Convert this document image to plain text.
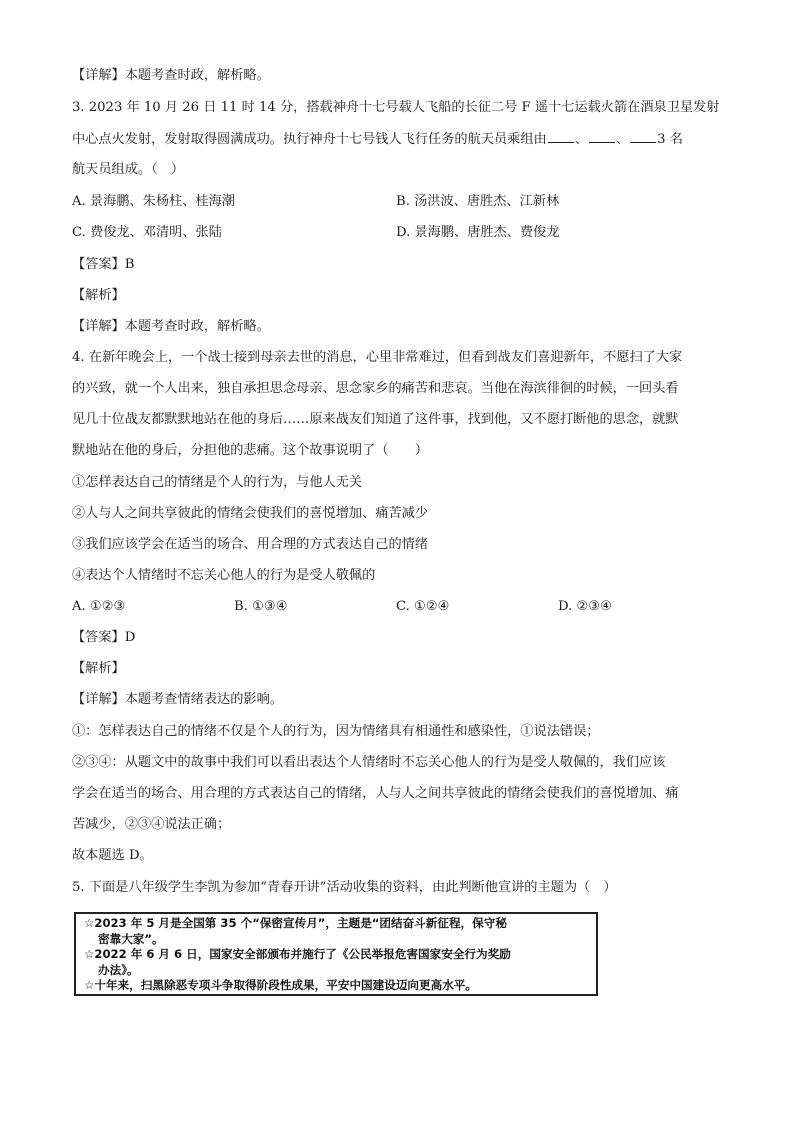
【详解】本题考查时政，解析略。
3. 2023 年 10 月 26 日 11 时 14 分，搭载神舟十七号载人飞船的长征二号 F 遥十七运载火箭在酒泉卫星发射
中心点火发射，发射取得圆满成功。执行神舟十七号钱人飞行任务的航天员乘组由 、 、 3 名
航天员组成。（　）
A. 景海鹏、朱杨柱、桂海潮	B. 汤洪波、唐胜杰、江新林
C. 费俊龙、邓清明、张陆	D. 景海鹏、唐胜杰、费俊龙
【答案】B
【解析】
【详解】本题考查时政，解析略。
4. 在新年晚会上，一个战士接到母亲去世的消息，心里非常难过，但看到战友们喜迎新年，不愿扫了大家
的兴致，就一个人出来，独自承担思念母亲、思念家乡的痛苦和悲哀。当他在海滨徘徊的时候，一回头看
见几十位战友都默默地站在他的身后……原来战友们知道了这件事，找到他，又不愿打断他的思念，就默
默地站在他的身后，分担他的悲痛。这个故事说明了（　　）
①怎样表达自己的情绪是个人的行为，与他人无关
②人与人之间共享彼此的情绪会使我们的喜悦增加、痛苦减少
③我们应该学会在适当的场合、用合理的方式表达自己的情绪
④表达个人情绪时不忘关心他人的行为是受人敬佩的
A. ①②③	B. ①③④	C. ①②④	D. ②③④
【答案】D
【解析】
【详解】本题考查情绪表达的影响。
①：怎样表达自己的情绪不仅是个人的行为，因为情绪具有相通性和感染性，①说法错误；
②③④：从题文中的故事中我们可以看出表达个人情绪时不忘关心他人的行为是受人敬佩的，我们应该
学会在适当的场合、用合理的方式表达自己的情绪，人与人之间共享彼此的情绪会使我们的喜悦增加、痛
苦减少，②③④说法正确；
故本题选 D。
5. 下面是八年级学生李凯为参加“青春开讲”活动收集的资料，由此判断他宣讲的主题为（　）
☆2023 年 5 月是全国第 35 个“保密宣传月”，主题是“团结奋斗新征程，保守秘
密靠大家”。
☆2022 年 6 月 6 日，国家安全部颁布并施行了《公民举报危害国家安全行为奖励
办法》。
☆十年来，扫黑除恶专项斗争取得阶段性成果，平安中国建设迈向更高水平。
